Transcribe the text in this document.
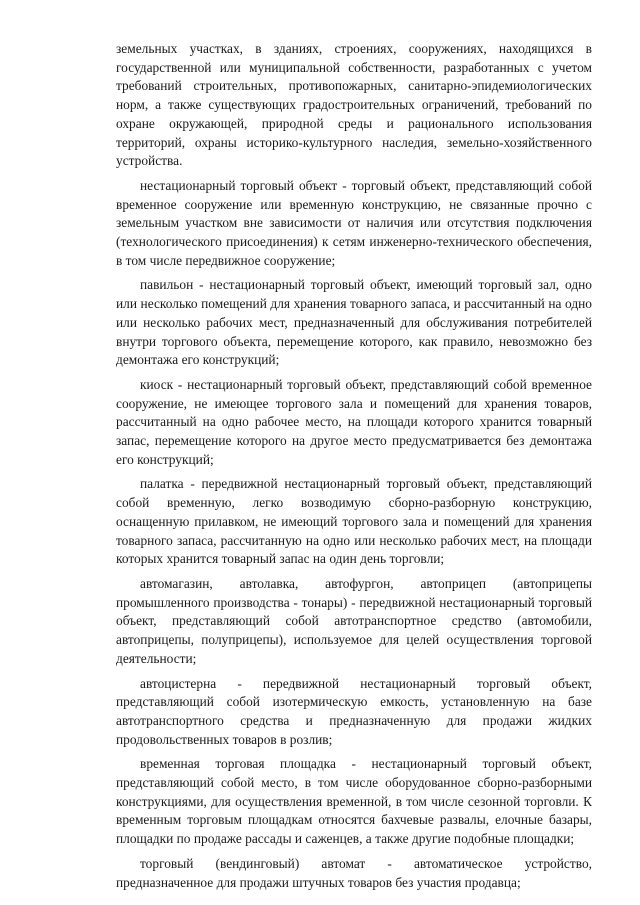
земельных участках, в зданиях, строениях, сооружениях, находящихся в государственной или муниципальной собственности, разработанных с учетом требований строительных, противопожарных, санитарно-эпидемиологических норм, а также существующих градостроительных ограничений, требований по охране окружающей, природной среды и рационального использования территорий, охраны историко-культурного наследия, земельно-хозяйственного устройства.

нестационарный торговый объект - торговый объект, представляющий собой временное сооружение или временную конструкцию, не связанные прочно с земельным участком вне зависимости от наличия или отсутствия подключения (технологического присоединения) к сетям инженерно-технического обеспечения, в том числе передвижное сооружение;

павильон - нестационарный торговый объект, имеющий торговый зал, одно или несколько помещений для хранения товарного запаса, и рассчитанный на одно или несколько рабочих мест, предназначенный для обслуживания потребителей внутри торгового объекта, перемещение которого, как правило, невозможно без демонтажа его конструкций;

киоск - нестационарный торговый объект, представляющий собой временное сооружение, не имеющее торгового зала и помещений для хранения товаров, рассчитанный на одно рабочее место, на площади которого хранится товарный запас, перемещение которого на другое место предусматривается без демонтажа его конструкций;

палатка - передвижной нестационарный торговый объект, представляющий собой временную, легко возводимую сборно-разборную конструкцию, оснащенную прилавком, не имеющий торгового зала и помещений для хранения товарного запаса, рассчитанную на одно или несколько рабочих мест, на площади которых хранится товарный запас на один день торговли;

автомагазин, автолавка, автофургон, автоприцеп (автоприцепы промышленного производства - тонары) - передвижной нестационарный торговый объект, представляющий собой автотранспортное средство (автомобили, автоприцепы, полуприцепы), используемое для целей осуществления торговой деятельности;

автоцистерна - передвижной нестационарный торговый объект, представляющий собой изотермическую емкость, установленную на базе автотранспортного средства и предназначенную для продажи жидких продовольственных товаров в розлив;

временная торговая площадка - нестационарный торговый объект, представляющий собой место, в том числе оборудованное сборно-разборными конструкциями, для осуществления временной, в том числе сезонной торговли. К временным торговым площадкам относятся бахчевые развалы, елочные базары, площадки по продаже рассады и саженцев, а также другие подобные площадки;

торговый (вендинговый) автомат - автоматическое устройство, предназначенное для продажи штучных товаров без участия продавца;
